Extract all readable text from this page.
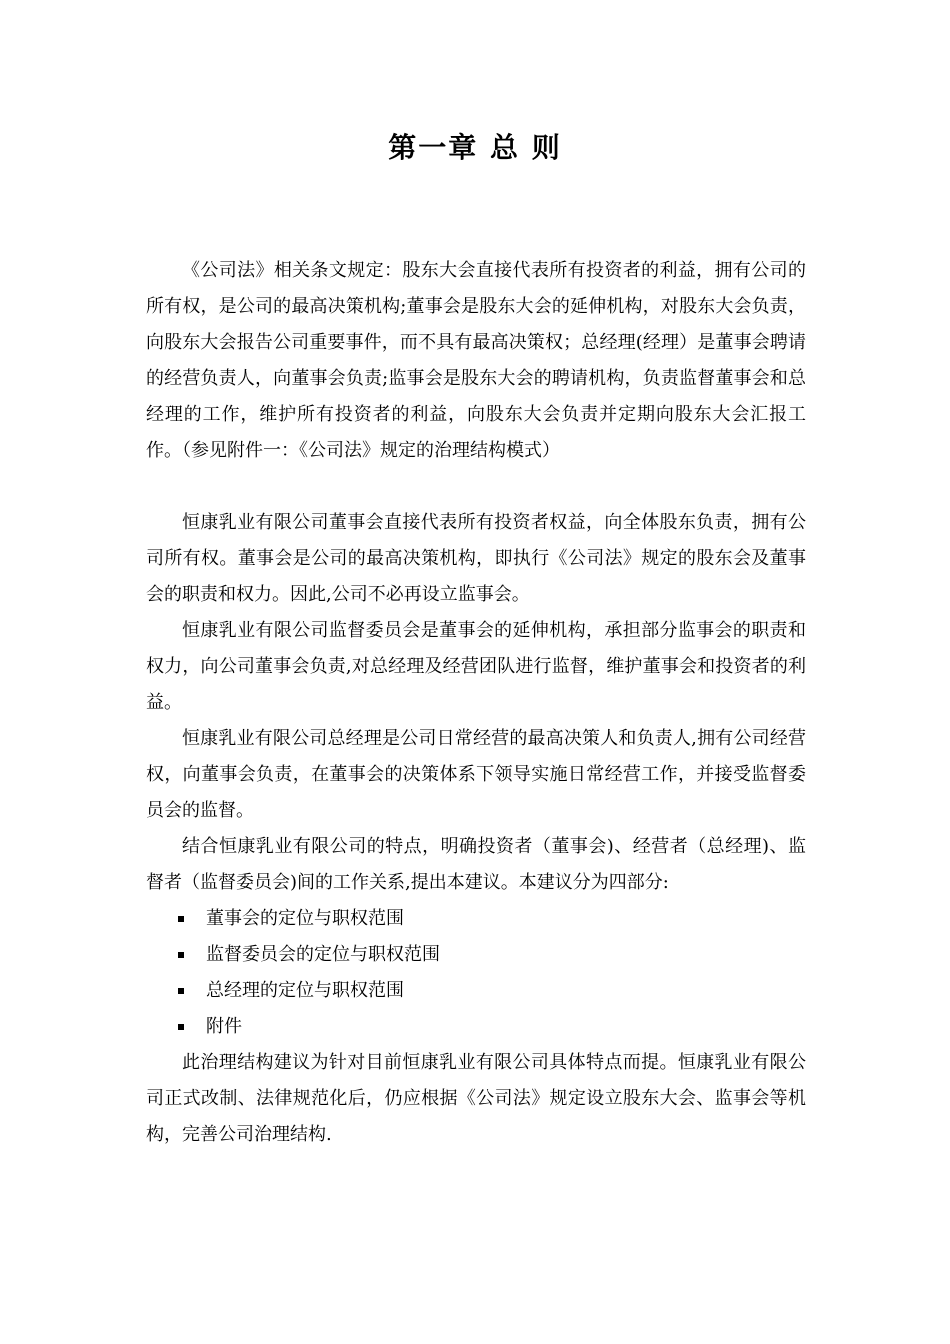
第一章 总 则

《公司法》相关条文规定：股东大会直接代表所有投资者的利益，拥有公司的所有权，是公司的最高决策机构;董事会是股东大会的延伸机构，对股东大会负责，向股东大会报告公司重要事件，而不具有最高决策权；总经理(经理）是董事会聘请的经营负责人，向董事会负责;监事会是股东大会的聘请机构，负责监督董事会和总经理的工作，维护所有投资者的利益，向股东大会负责并定期向股东大会汇报工作。（参见附件一：《公司法》规定的治理结构模式）

恒康乳业有限公司董事会直接代表所有投资者权益，向全体股东负责，拥有公司所有权。董事会是公司的最高决策机构，即执行《公司法》规定的股东会及董事会的职责和权力。因此,公司不必再设立监事会。

恒康乳业有限公司监督委员会是董事会的延伸机构，承担部分监事会的职责和权力，向公司董事会负责,对总经理及经营团队进行监督，维护董事会和投资者的利益。

恒康乳业有限公司总经理是公司日常经营的最高决策人和负责人,拥有公司经营权，向董事会负责，在董事会的决策体系下领导实施日常经营工作，并接受监督委员会的监督。

结合恒康乳业有限公司的特点，明确投资者（董事会)、经营者（总经理)、监督者（监督委员会)间的工作关系,提出本建议。本建议分为四部分:

董事会的定位与职权范围
监督委员会的定位与职权范围
总经理的定位与职权范围
附件

此治理结构建议为针对目前恒康乳业有限公司具体特点而提。恒康乳业有限公司正式改制、法律规范化后，仍应根据《公司法》规定设立股东大会、监事会等机构，完善公司治理结构.
